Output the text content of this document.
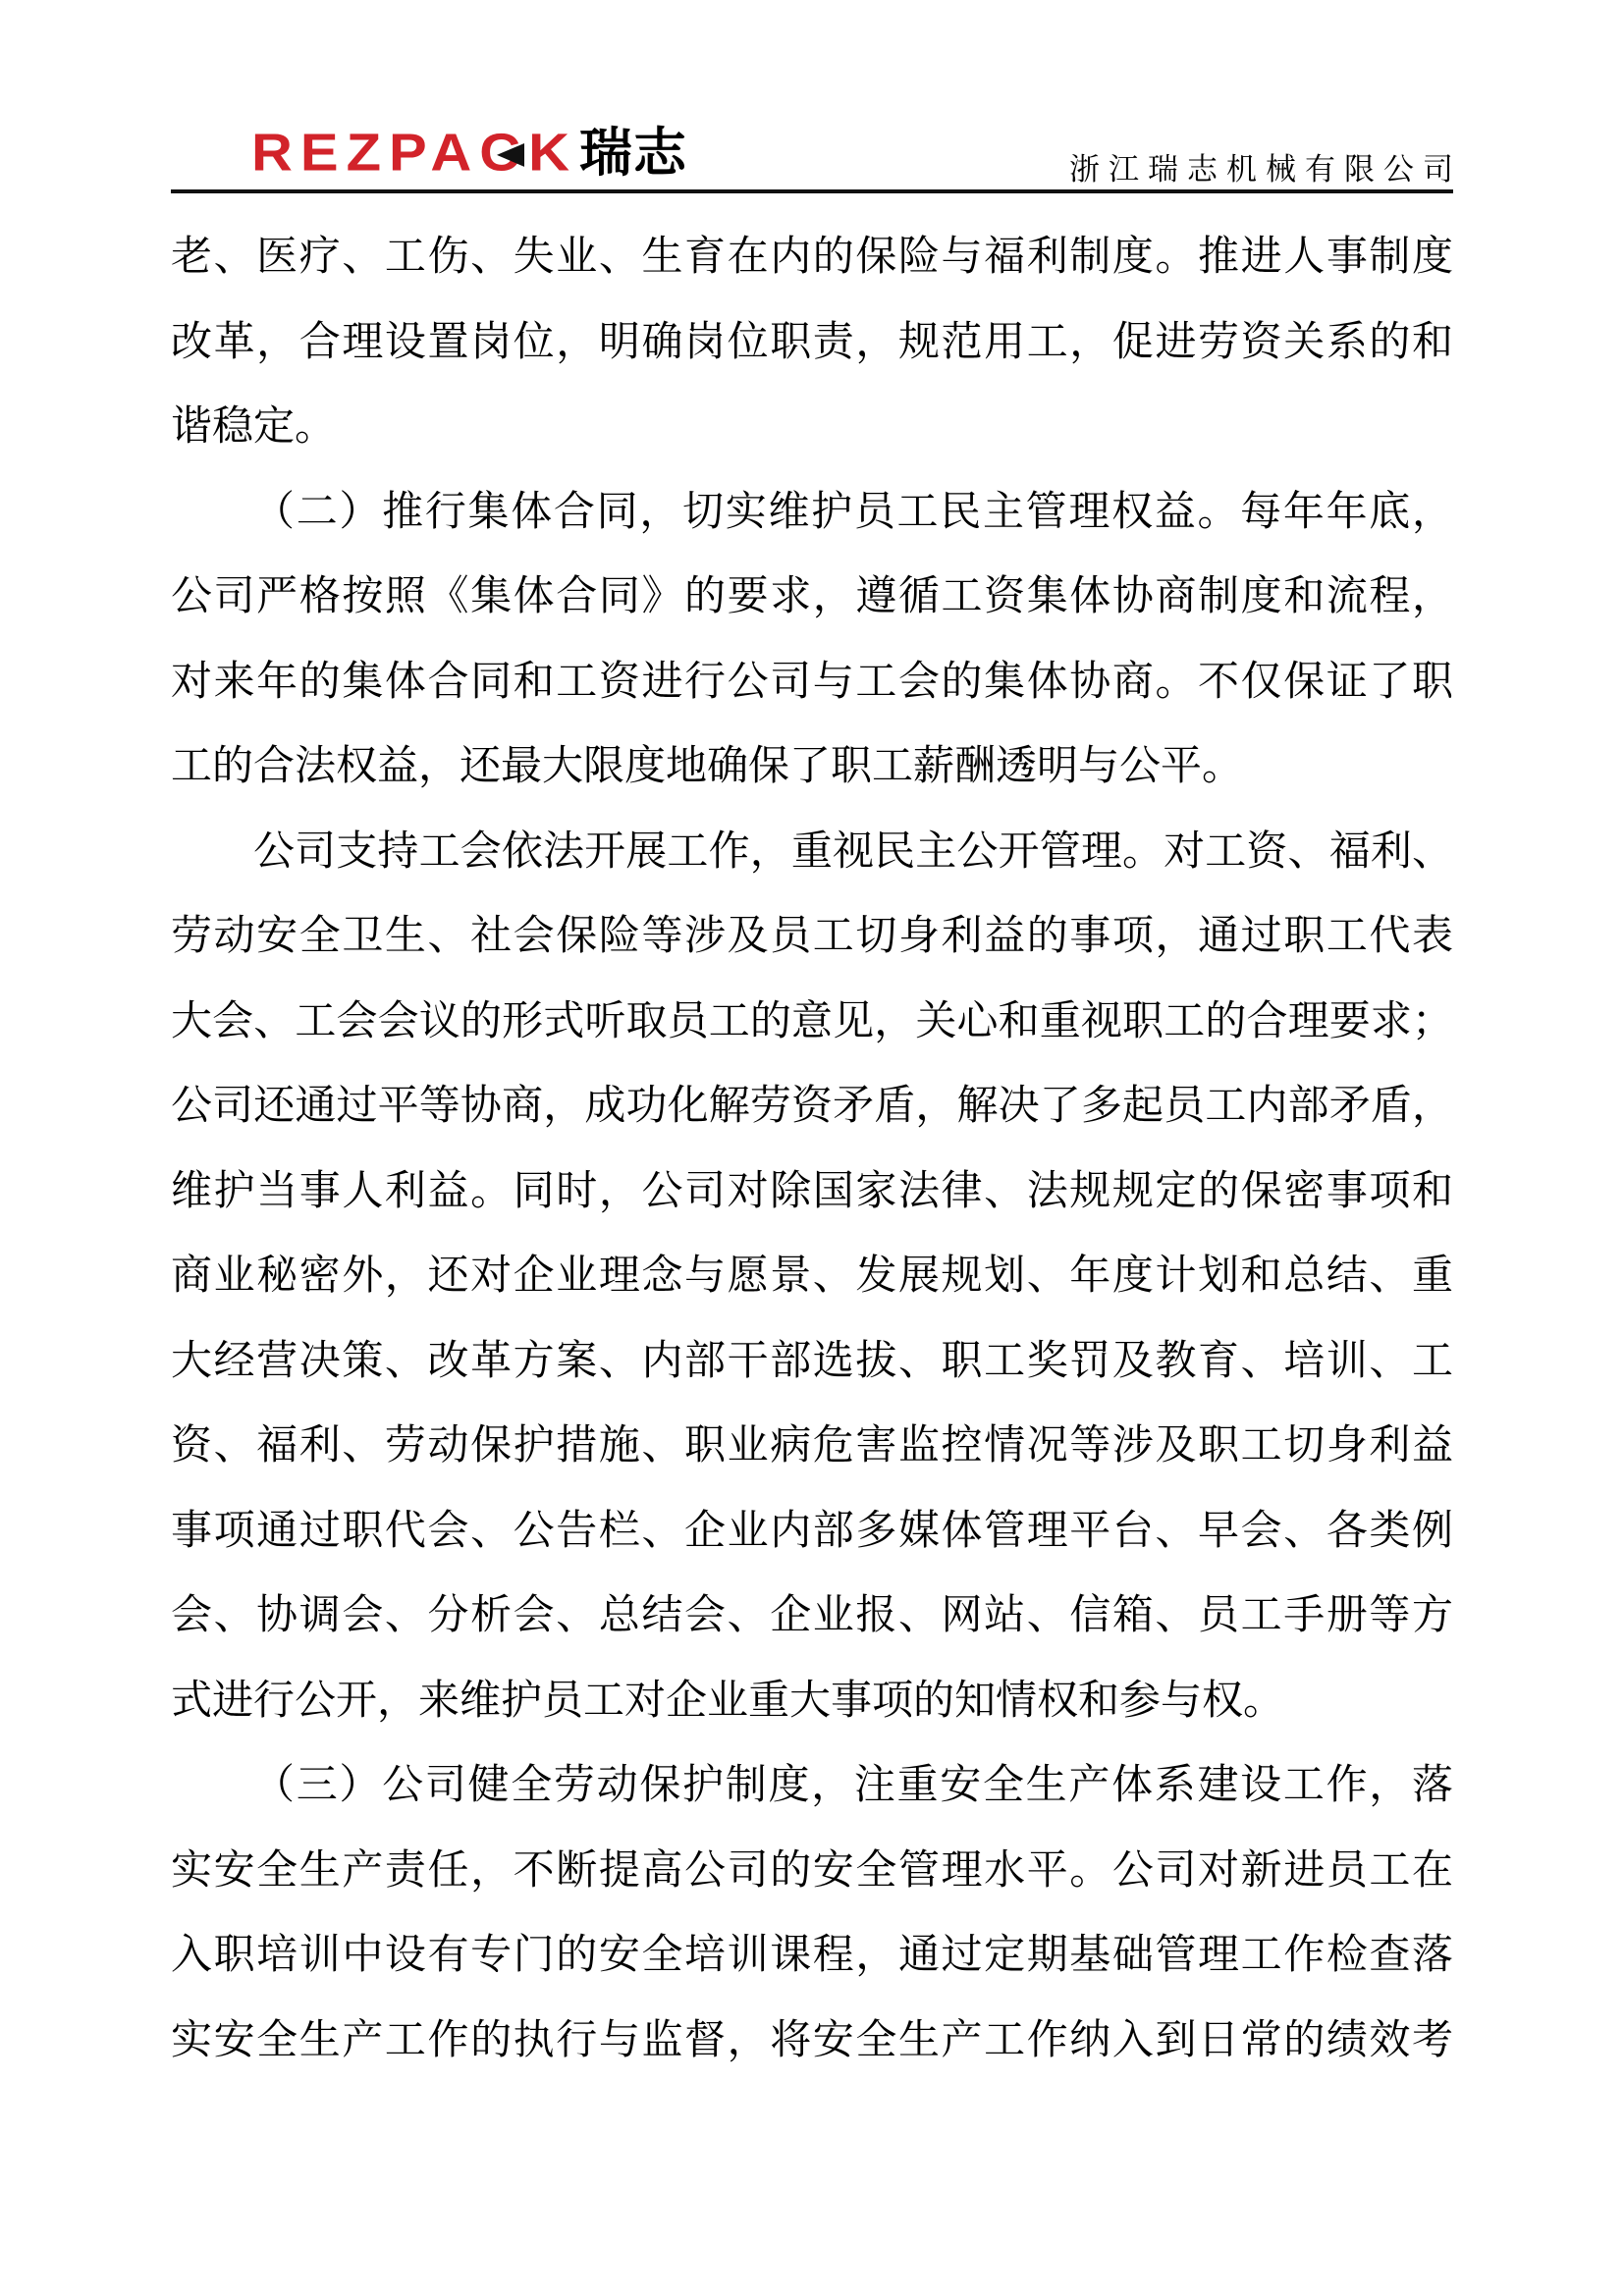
REZPACK 瑞志	浙江瑞志机械有限公司
老、医疗、工伤、失业、生育在内的保险与福利制度。推进人事制度
改革，合理设置岗位，明确岗位职责，规范用工，促进劳资关系的和
谐稳定。
（二）推行集体合同，切实维护员工民主管理权益。每年年底，
公司严格按照《集体合同》的要求，遵循工资集体协商制度和流程，
对来年的集体合同和工资进行公司与工会的集体协商。不仅保证了职
工的合法权益，还最大限度地确保了职工薪酬透明与公平。
公司支持工会依法开展工作，重视民主公开管理。对工资、福利、
劳动安全卫生、社会保险等涉及员工切身利益的事项，通过职工代表
大会、工会会议的形式听取员工的意见，关心和重视职工的合理要求；
公司还通过平等协商，成功化解劳资矛盾，解决了多起员工内部矛盾，
维护当事人利益。同时，公司对除国家法律、法规规定的保密事项和
商业秘密外，还对企业理念与愿景、发展规划、年度计划和总结、重
大经营决策、改革方案、内部干部选拔、职工奖罚及教育、培训、工
资、福利、劳动保护措施、职业病危害监控情况等涉及职工切身利益
事项通过职代会、公告栏、企业内部多媒体管理平台、早会、各类例
会、协调会、分析会、总结会、企业报、网站、信箱、员工手册等方
式进行公开，来维护员工对企业重大事项的知情权和参与权。
（三）公司健全劳动保护制度，注重安全生产体系建设工作，落
实安全生产责任，不断提高公司的安全管理水平。公司对新进员工在
入职培训中设有专门的安全培训课程，通过定期基础管理工作检查落
实安全生产工作的执行与监督，将安全生产工作纳入到日常的绩效考
